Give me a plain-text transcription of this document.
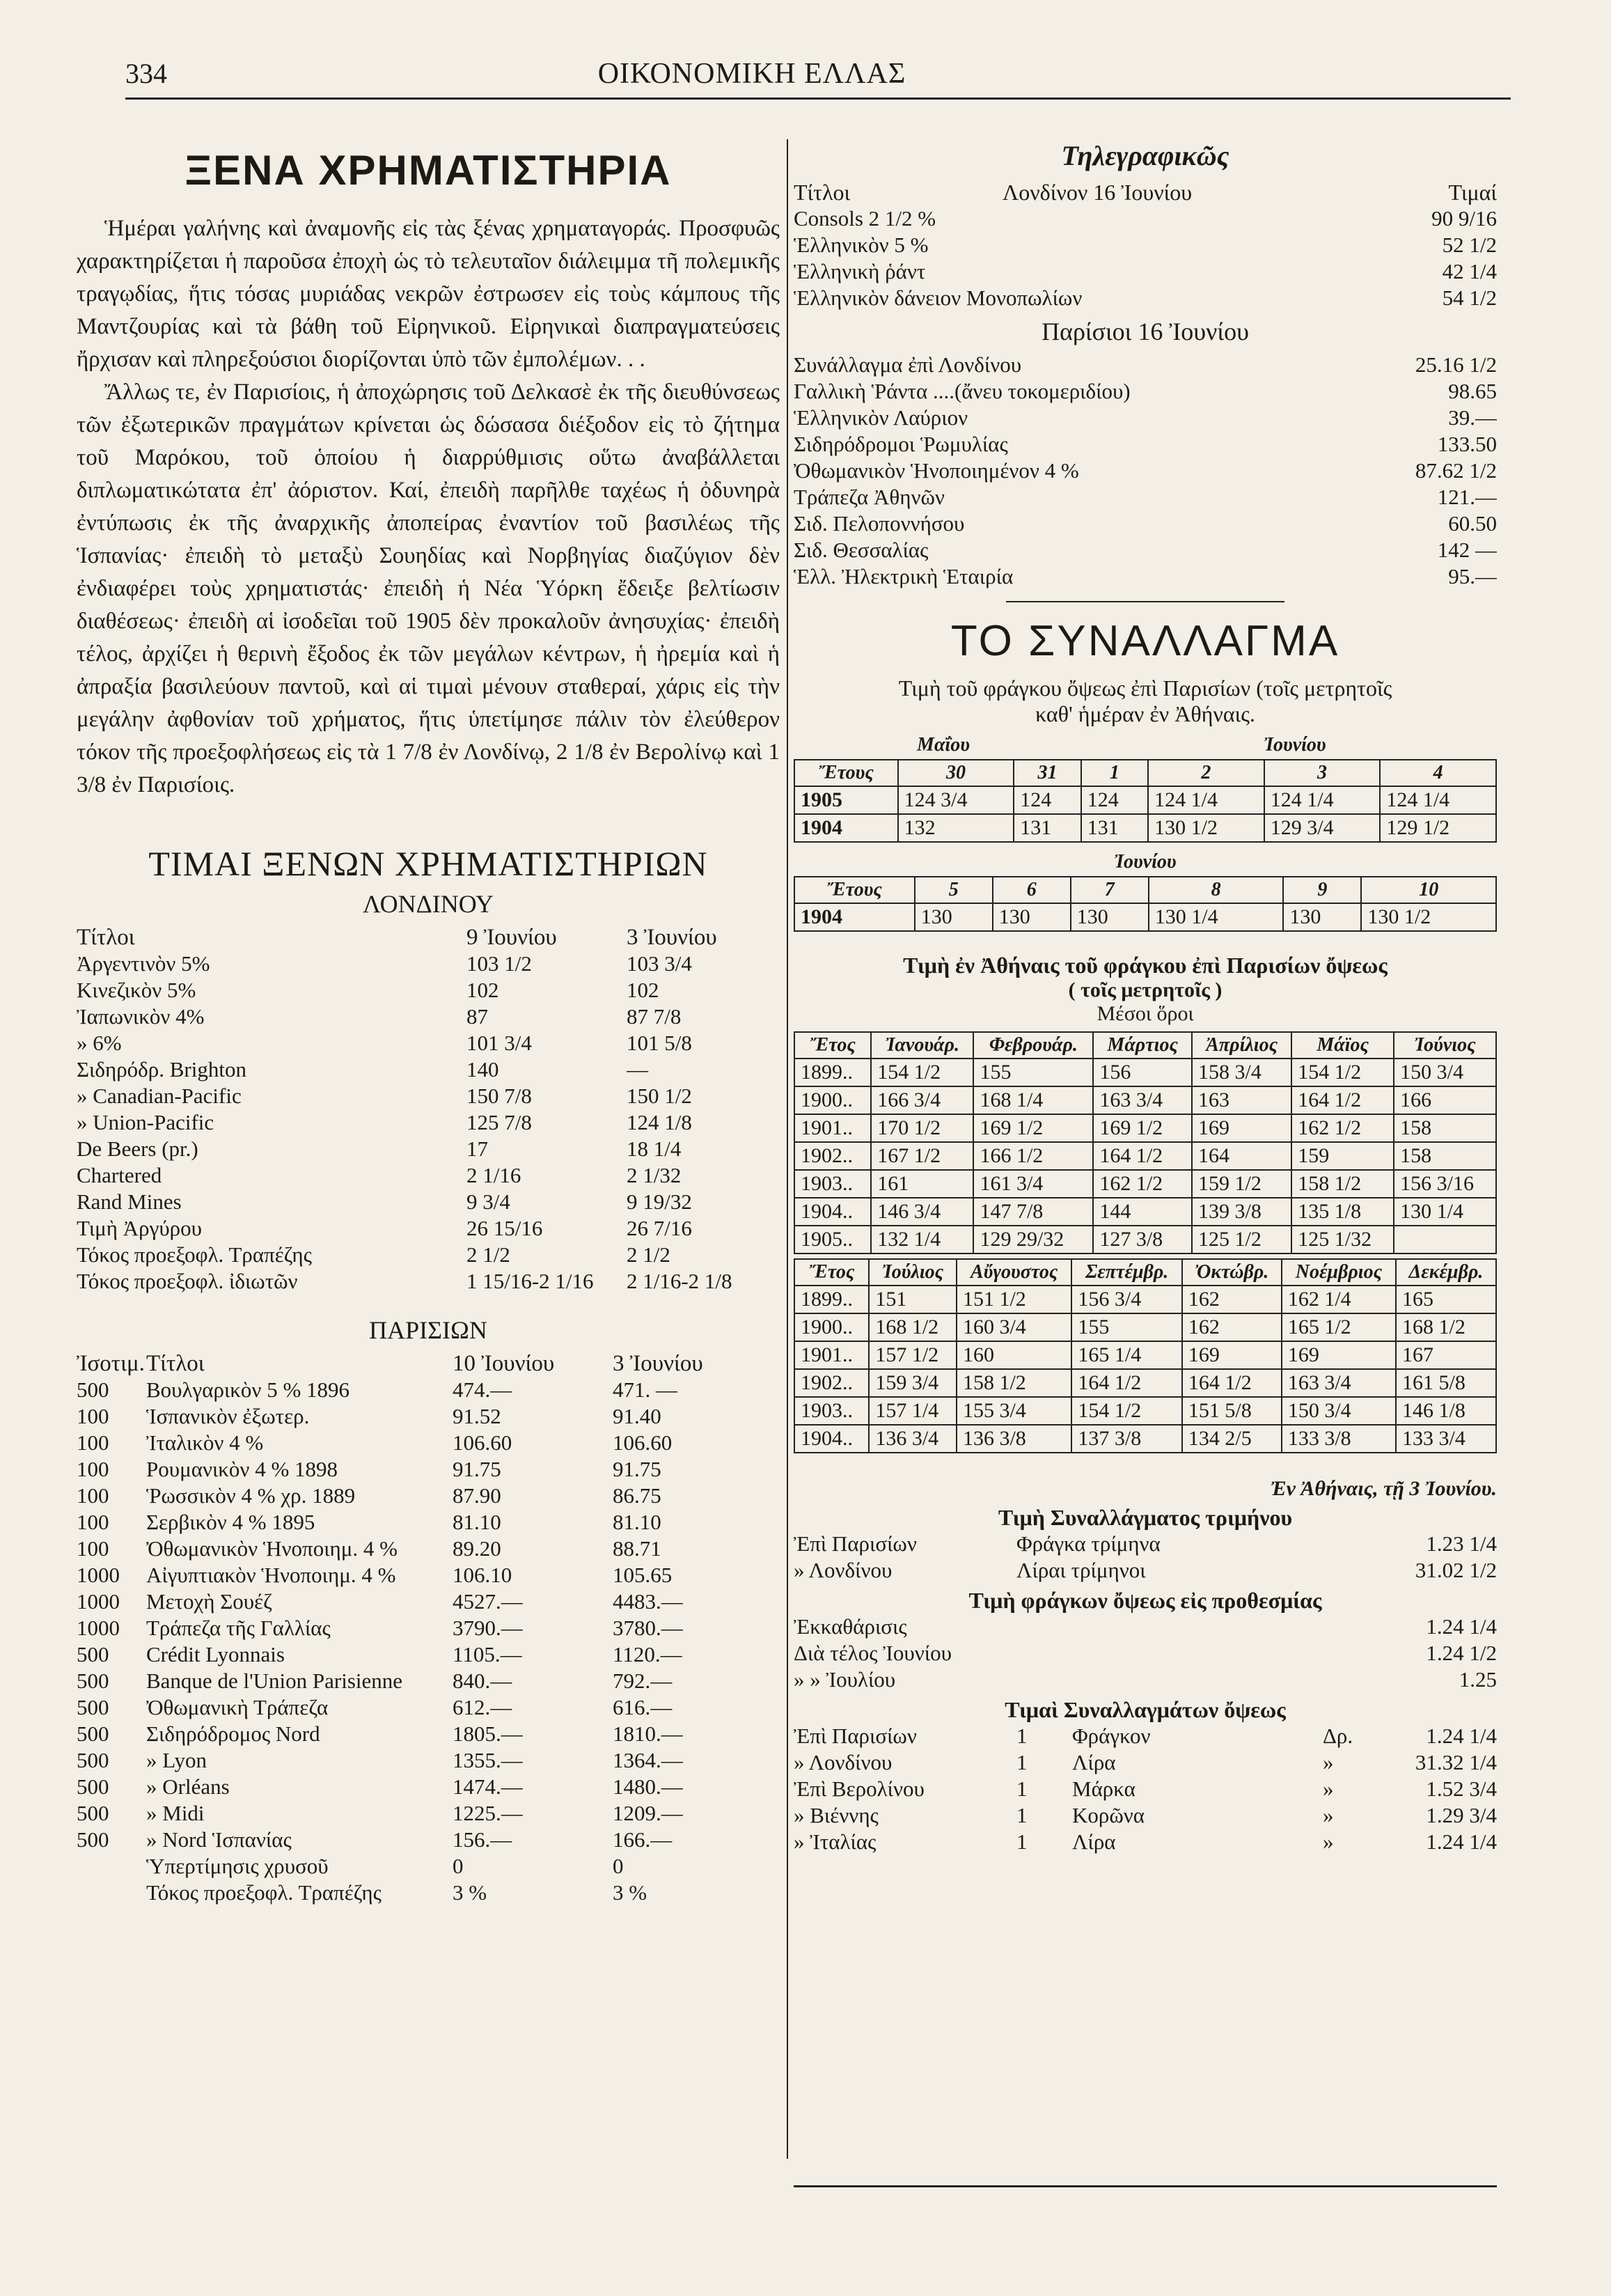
334	ΟΙΚΟΝΟΜΙΚΗ ΕΛΛΑΣ
ΞΕΝΑ ΧΡΗΜΑΤΙΣΤΗΡΙΑ

Ἡμέραι γαλήνης καὶ ἀναμονῆς εἰς τὰς ξένας χρηματαγοράς. Προσφυῶς χαρακτηρίζεται ἡ παροῦσα ἐποχὴ ὡς τὸ τελευταῖον διάλειμμα τῆ πολεμικῆς τραγῳδίας, ἥτις τόσας μυριάδας νεκρῶν ἐστρωσεν εἰς τοὺς κάμπους τῆς Μαντζουρίας καὶ τὰ βάθη τοῦ Εἰρηνικοῦ. Εἰρηνικαὶ διαπραγματεύσεις ἤρχισαν καὶ πληρεξούσιοι διορίζονται ὑπὸ τῶν ἐμπολέμων. . .

Ἄλλως τε, ἐν Παρισίοις, ἡ ἀποχώρησις τοῦ Δελκασὲ ἐκ τῆς διευθύνσεως τῶν ἐξωτερικῶν πραγμάτων κρίνεται ὡς δώσασα διέξοδον εἰς τὸ ζήτημα τοῦ Μαρόκου, τοῦ ὁποίου ἡ διαρρύθμισις οὕτω ἀναβάλλεται διπλωματικώτατα ἐπ' ἀόριστον. Καί, ἐπειδὴ παρῆλθε ταχέως ἡ ὀδυνηρὰ ἐντύπωσις ἐκ τῆς ἀναρχικῆς ἀποπείρας ἐναντίον τοῦ βασιλέως τῆς Ἱσπανίας· ἐπειδὴ τὸ μεταξὺ Σουηδίας καὶ Νορβηγίας διαζύγιον δὲν ἐνδιαφέρει τοὺς χρηματιστάς· ἐπειδὴ ἡ Νέα Ὑόρκη ἔδειξε βελτίωσιν διαθέσεως· ἐπειδὴ αἱ ἰσοδεῖαι τοῦ 1905 δὲν προκαλοῦν ἀνησυχίας· ἐπειδὴ τέλος, ἀρχίζει ἡ θερινὴ ἔξοδος ἐκ τῶν μεγάλων κέντρων, ἡ ἠρεμία καὶ ἡ ἀπραξία βασιλεύουν παντοῦ, καὶ αἱ τιμαὶ μένουν σταθεραί, χάρις εἰς τὴν μεγάλην ἀφθονίαν τοῦ χρήματος, ἥτις ὑπετίμησε πάλιν τὸν ἐλεύθερον τόκον τῆς προεξοφλήσεως εἰς τὰ 1 7/8 ἐν Λονδίνῳ, 2 1/8 ἐν Βερολίνῳ καὶ 1 3/8 ἐν Παρισίοις.

ΤΙΜΑΙ ΞΕΝΩΝ ΧΡΗΜΑΤΙΣΤΗΡΙΩΝ
ΛΟΝΔΙΝΟΥ
Τίτλοι	9 Ἰουνίου	3 Ἰουνίου
Ἀργεντινὸν 5%	103 1/2	103 3/4
Κινεζικὸν 5%	102	102
Ἰαπωνικὸν 4%	87	87 7/8
» 6%	101 3/4	101 5/8
Σιδηρόδρ. Brighton	140	—
» Canadian-Pacific	150 7/8	150 1/2
» Union-Pacific	125 7/8	124 1/8
De Beers (pr.)	17	18 1/4
Chartered	2 1/16	2 1/32
Rand Mines	9 3/4	9 19/32
Τιμὴ Ἀργύρου	26 15/16	26 7/16
Τόκος προεξοφλ. Τραπέζης	2 1/2	2 1/2
Τόκος προεξοφλ. ἰδιωτῶν	1 15/16-2 1/16	2 1/16-2 1/8
ΠΑΡΙΣΙΩΝ
Ἰσοτιμ. Τίτλοι	10 Ἰουνίου	3 Ἰουνίου
500	Βουλγαρικὸν 5 % 1896	474.—	471. —
100	Ἱσπανικὸν ἐξωτερ.	91.52	91.40
100	Ἰταλικὸν 4 %	106.60	106.60
100	Ρουμανικὸν 4 % 1898	91.75	91.75
100	Ῥωσσικὸν 4 % χρ. 1889	87.90	86.75
100	Σερβικὸν 4 % 1895	81.10	81.10
100	Ὀθωμανικὸν Ἡνοποιημ. 4 %	89.20	88.71
1000	Αἰγυπτιακὸν Ἡνοποιημ. 4 %	106.10	105.65
1000	Μετοχὴ Σουέζ	4527.—	4483.—
1000	Τράπεζα τῆς Γαλλίας	3790.—	3780.—
500	Crédit Lyonnais	1105.—	1120.—
500	Banque de l'Union Parisienne	840.—	792.—
500	Ὀθωμανικὴ Τράπεζα	612.—	616.—
500	Σιδηρόδρομος Nord	1805.—	1810.—
500	» Lyon	1355.—	1364.—
500	» Orléans	1474.—	1480.—
500	» Midi	1225.—	1209.—
500	» Nord Ἱσπανίας	156.—	166.—
Ὑπερτίμησις χρυσοῦ	0	0
Τόκος προεξοφλ. Τραπέζης	3 %	3 %
Τηλεγραφικῶς
Τίτλοι	Λονδίνον 16 Ἰουνίου	Τιμαί
Consols 2 1/2 %	90 9/16
Ἑλληνικὸν 5 %	52 1/2
Ἑλληνικὴ ῥάντ	42 1/4
Ἑλληνικὸν δάνειον Μονοπωλίων	54 1/2
Παρίσιοι 16 Ἰουνίου
Συνάλλαγμα ἐπὶ Λονδίνου	25.16 1/2
Γαλλικὴ Ῥάντα ....(ἄνευ τοκομεριδίου)	98.65
Ἑλληνικὸν Λαύριον	39.—
Σιδηρόδρομοι Ῥωμυλίας	133.50
Ὀθωμανικὸν Ἡνοποιημένον 4 %	87.62 1/2
Τράπεζα Ἀθηνῶν	121.—
Σιδ. Πελοποννήσου	60.50
Σιδ. Θεσσαλίας	142 —
Ἑλλ. Ἠλεκτρικὴ Ἑταιρία	95.—
ΤΟ ΣΥΝΑΛΛΑΓΜΑ
Τιμὴ τοῦ φράγκου ὄψεως ἐπὶ Παρισίων (τοῖς μετρητοῖς
καθ' ἡμέραν ἐν Ἀθήναις.
Μαΐου	Ἰουνίου
Ἔτους	30	31	1	2	3	4
1905	124 3/4	124	124	124 1/4	124 1/4	124 1/4
1904	132	131	131	130 1/2	129 3/4	129 1/2
Ἰουνίου
Ἔτους	5	6	7	8	9	10
1904	130	130	130	130 1/4	130	130 1/2
Τιμὴ ἐν Ἀθήναις τοῦ φράγκου ἐπὶ Παρισίων ὄψεως
( τοῖς μετρητοῖς )
Μέσοι ὅροι
Ἔτος	Ἰανουάρ.	Φεβρουάρ.	Μάρτιος	Ἀπρίλιος	Μάϊος	Ἰούνιος
1899..	154 1/2	155	156	158 3/4	154 1/2	150 3/4
1900..	166 3/4	168 1/4	163 3/4	163	164 1/2	166
1901..	170 1/2	169 1/2	169 1/2	169	162 1/2	158
1902..	167 1/2	166 1/2	164 1/2	164	159	158
1903..	161	161 3/4	162 1/2	159 1/2	158 1/2	156 3/16
1904..	146 3/4	147 7/8	144	139 3/8	135 1/8	130 1/4
1905..	132 1/4	129 29/32	127 3/8	125 1/2	125 1/32	
Ἔτος	Ἰούλιος	Αὔγουστος	Σεπτέμβρ.	Ὀκτώβρ.	Νοέμβριος	Δεκέμβρ.
1899..	151	151 1/2	156 3/4	162	162 1/4	165
1900..	168 1/2	160 3/4	155	162	165 1/2	168 1/2
1901..	157 1/2	160	165 1/4	169	169	167
1902..	159 3/4	158 1/2	164 1/2	164 1/2	163 3/4	161 5/8
1903..	157 1/4	155 3/4	154 1/2	151 5/8	150 3/4	146 1/8
1904..	136 3/4	136 3/8	137 3/8	134 2/5	133 3/8	133 3/4
Ἐν Ἀθήναις, τῇ 3 Ἰουνίου.
Τιμὴ Συναλλάγματος τριμήνου
Ἐπὶ Παρισίων	Φράγκα τρίμηνα	1.23 1/4
» Λονδίνου	Λίραι τρίμηνοι	31.02 1/2
Τιμὴ φράγκων ὄψεως εἰς προθεσμίας
Ἐκκαθάρισις	1.24 1/4
Διὰ τέλος Ἰουνίου	1.24 1/2
» » Ἰουλίου	1.25
Τιμαὶ Συναλλαγμάτων ὄψεως
Ἐπὶ Παρισίων	1	Φράγκον	Δρ.	1.24 1/4
» Λονδίνου	1	Λίρα	»	31.32 1/4
Ἐπὶ Βερολίνου	1	Μάρκα	»	1.52 3/4
» Βιέννης	1	Κορῶνα	»	1.29 3/4
» Ἰταλίας	1	Λίρα	»	1.24 1/4
